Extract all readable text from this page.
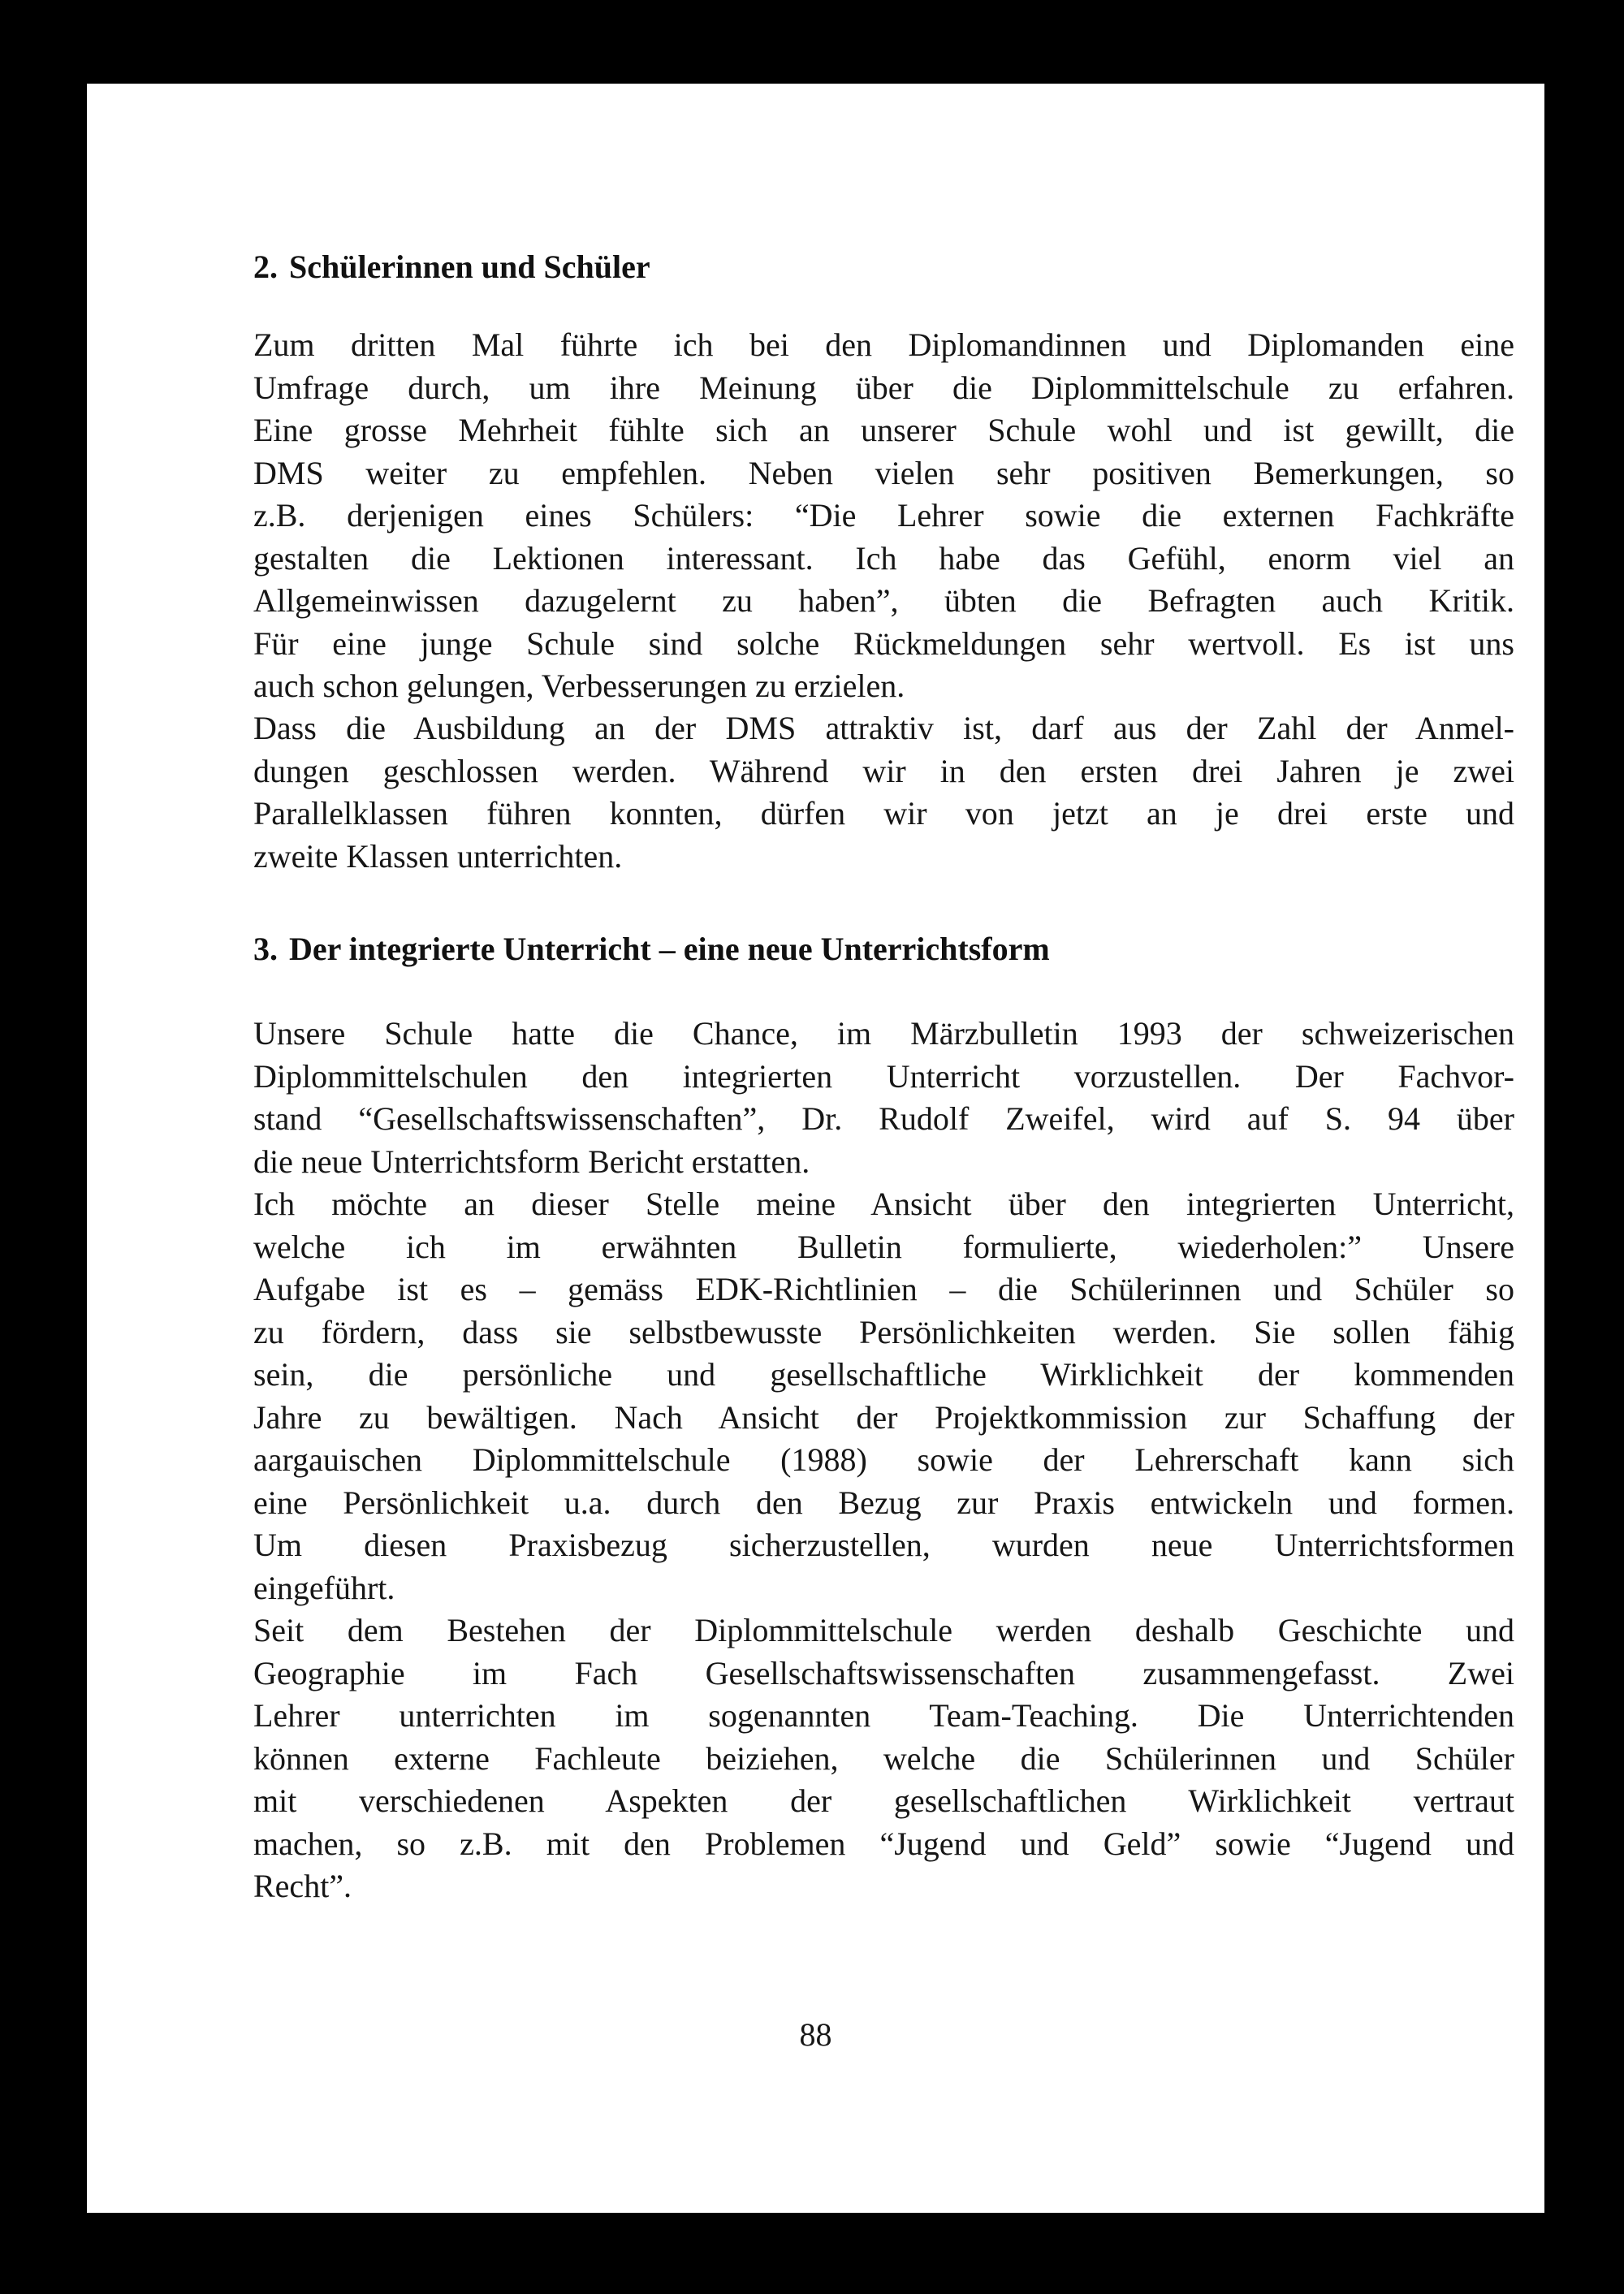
2. Schülerinnen und Schüler
Zum dritten Mal führte ich bei den Diplomandinnen und Diplomanden eine
Umfrage durch, um ihre Meinung über die Diplommittelschule zu erfahren.
Eine grosse Mehrheit fühlte sich an unserer Schule wohl und ist gewillt, die
DMS weiter zu empfehlen. Neben vielen sehr positiven Bemerkungen, so
z.B. derjenigen eines Schülers: “Die Lehrer sowie die externen Fachkräfte
gestalten die Lektionen interessant. Ich habe das Gefühl, enorm viel an
Allgemeinwissen dazugelernt zu haben”, übten die Befragten auch Kritik.
Für eine junge Schule sind solche Rückmeldungen sehr wertvoll. Es ist uns
auch schon gelungen, Verbesserungen zu erzielen.
Dass die Ausbildung an der DMS attraktiv ist, darf aus der Zahl der Anmel-
dungen geschlossen werden. Während wir in den ersten drei Jahren je zwei
Parallelklassen führen konnten, dürfen wir von jetzt an je drei erste und
zweite Klassen unterrichten.
3. Der integrierte Unterricht – eine neue Unterrichtsform
Unsere Schule hatte die Chance, im Märzbulletin 1993 der schweizerischen
Diplommittelschulen den integrierten Unterricht vorzustellen. Der Fachvor-
stand “Gesellschaftswissenschaften”, Dr. Rudolf Zweifel, wird auf S. 94 über
die neue Unterrichtsform Bericht erstatten.
Ich möchte an dieser Stelle meine Ansicht über den integrierten Unterricht,
welche ich im erwähnten Bulletin formulierte, wiederholen:” Unsere
Aufgabe ist es – gemäss EDK-Richtlinien – die Schülerinnen und Schüler so
zu fördern, dass sie selbstbewusste Persönlichkeiten werden. Sie sollen fähig
sein, die persönliche und gesellschaftliche Wirklichkeit der kommenden
Jahre zu bewältigen. Nach Ansicht der Projektkommission zur Schaffung der
aargauischen Diplommittelschule (1988) sowie der Lehrerschaft kann sich
eine Persönlichkeit u.a. durch den Bezug zur Praxis entwickeln und formen.
Um diesen Praxisbezug sicherzustellen, wurden neue Unterrichtsformen
eingeführt.
Seit dem Bestehen der Diplommittelschule werden deshalb Geschichte und
Geographie im Fach Gesellschaftswissenschaften zusammengefasst. Zwei
Lehrer unterrichten im sogenannten Team-Teaching. Die Unterrichtenden
können externe Fachleute beiziehen, welche die Schülerinnen und Schüler
mit verschiedenen Aspekten der gesellschaftlichen Wirklichkeit vertraut
machen, so z.B. mit den Problemen “Jugend und Geld” sowie “Jugend und
Recht”.
88
